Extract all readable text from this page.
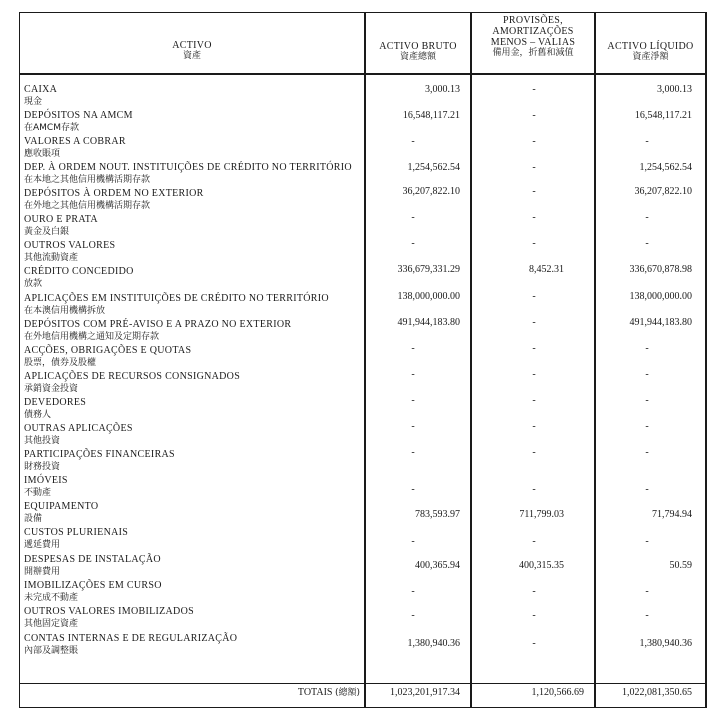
ACTIVO
資產
ACTIVO BRUTO
資產總額
PROVISÕES,
AMORTIZAÇÕES
MENOS – VALIAS
備用金，折舊和減值
ACTIVO LÍQUIDO
資產淨額
CAIXA
現金
3,000.13	-	3,000.13
DEPÓSITOS NA AMCM
在AMCM存款
16,548,117.21	-	16,548,117.21
VALORES A COBRAR
應收賬項
-	-	-
DEP. À ORDEM NOUT. INSTITUIÇÕES DE CRÉDITO NO TERRITÓRIO
在本地之其他信用機構活期存款
1,254,562.54	-	1,254,562.54
DEPÓSITOS À ORDEM NO EXTERIOR
在外地之其他信用機構活期存款
36,207,822.10	-	36,207,822.10
OURO E PRATA
黃金及白銀
-	-	-
OUTROS VALORES
其他流動資產
-	-	-
CRÉDITO CONCEDIDO
放款
336,679,331.29	8,452.31	336,670,878.98
APLICAÇÕES EM INSTITUIÇÕES DE CRÉDITO NO TERRITÓRIO
在本澳信用機構拆放
138,000,000.00	-	138,000,000.00
DEPÓSITOS COM PRÉ-AVISO E A PRAZO NO EXTERIOR
在外地信用機構之通知及定期存款
491,944,183.80	-	491,944,183.80
ACÇÕES, OBRIGAÇÕES E QUOTAS
股票，債券及股權
-	-	-
APLICAÇÕES DE RECURSOS CONSIGNADOS
承銷資金投資
-	-	-
DEVEDORES
債務人
-	-	-
OUTRAS APLICAÇÕES
其他投資
-	-	-
PARTICIPAÇÕES FINANCEIRAS
財務投資
-	-	-
IMÓVEIS
不動產	-	-	-
EQUIPAMENTO
設備	783,593.97	711,799.03	71,794.94
CUSTOS PLURIENAIS
遞延費用	-	-	-
DESPESAS DE INSTALAÇÃO
開辦費用
400,365.94	400,315.35	50.59
IMOBILIZAÇÕES EM CURSO
未完成不動產
-	-	-
OUTROS VALORES IMOBILIZADOS
其他固定資產
-	-	-
CONTAS INTERNAS E DE REGULARIZAÇÃO
內部及調整賬
1,380,940.36	-	1,380,940.36
TOTAIS (總額)	1,023,201,917.34	1,120,566.69	1,022,081,350.65
